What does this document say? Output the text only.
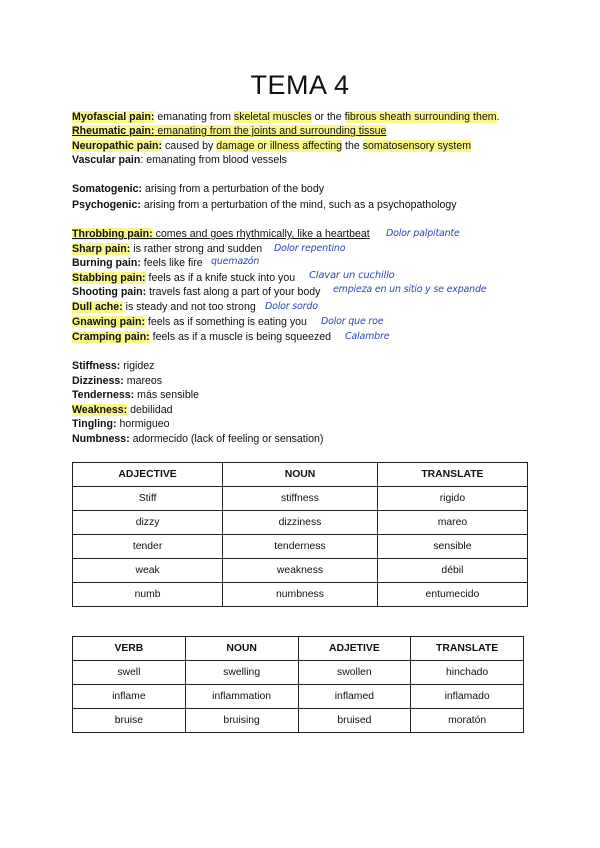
TEMA 4
Myofascial pain: emanating from skeletal muscles or the fibrous sheath surrounding them.
Rheumatic pain: emanating from the joints and surrounding tissue
Neuropathic pain: caused by damage or illness affecting the somatosensory system
Vascular pain: emanating from blood vessels
Somatogenic: arising from a perturbation of the body
Psychogenic: arising from a perturbation of the mind, such as a psychopathology
Throbbing pain: comes and goes rhythmically, like a heartbeat Dolor palpitante
Sharp pain: is rather strong and sudden Dolor repentino
Burning pain: feels like fire quemazón
Stabbing pain: feels as if a knife stuck into you Clavar un cuchillo
Shooting pain: travels fast along a part of your body empieza en un sitio y se expande
Dull ache: is steady and not too strong Dolor sordo
Gnawing pain: feels as if something is eating you Dolor que roe
Cramping pain: feels as if a muscle is being squeezed Calambre
Stiffness: rigidez
Dizziness: mareos
Tenderness: más sensible
Weakness: debilidad
Tingling: hormigueo
Numbness: adormecido (lack of feeling or sensation)
ADJECTIVE	NOUN	TRANSLATE
Stiff	stiffness	rigido
dizzy	dizziness	mareo
tender	tenderness	sensible
weak	weakness	débil
numb	numbness	entumecido
VERB	NOUN	ADJETIVE	TRANSLATE
swell	swelling	swollen	hinchado
inflame	inflammation	inflamed	inflamado
bruise	bruising	bruised	moratón
